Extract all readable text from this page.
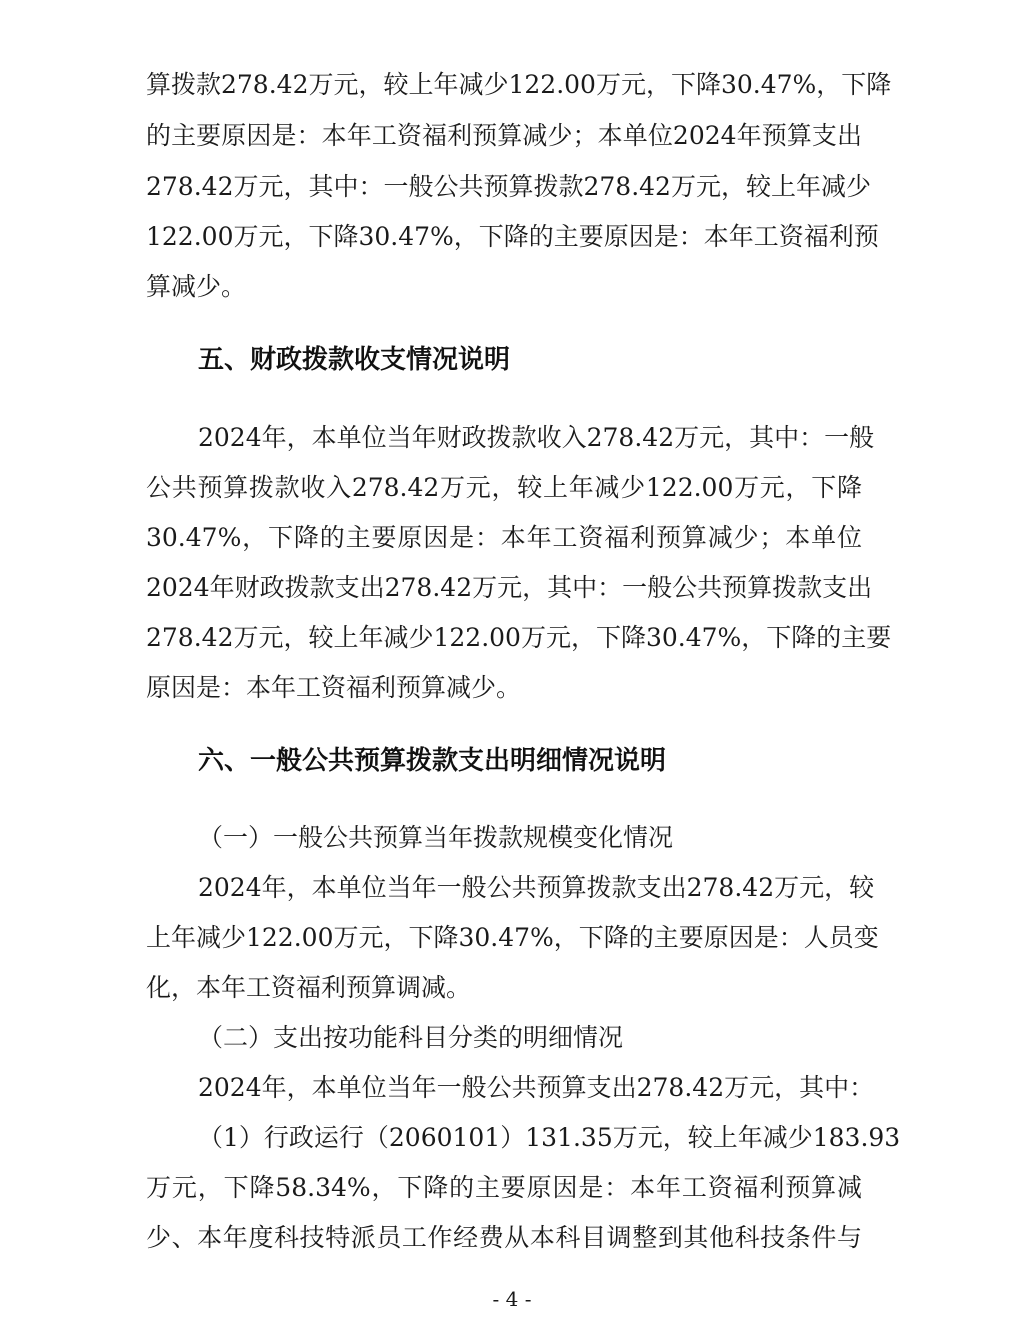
算拨款278.42万元，较上年减少122.00万元，下降30.47%，下降
的主要原因是：本年工资福利预算减少；本单位2024年预算支出
278.42万元，其中：一般公共预算拨款278.42万元，较上年减少
122.00万元，下降30.47%，下降的主要原因是：本年工资福利预
算减少。
五、财政拨款收支情况说明
2024年，本单位当年财政拨款收入278.42万元，其中：一般
公共预算拨款收入278.42万元，较上年减少122.00万元，下降
30.47%，下降的主要原因是：本年工资福利预算减少；本单位
2024年财政拨款支出278.42万元，其中：一般公共预算拨款支出
278.42万元，较上年减少122.00万元，下降30.47%，下降的主要
原因是：本年工资福利预算减少。
六、一般公共预算拨款支出明细情况说明
（一）一般公共预算当年拨款规模变化情况
2024年，本单位当年一般公共预算拨款支出278.42万元，较
上年减少122.00万元，下降30.47%，下降的主要原因是：人员变
化，本年工资福利预算调减。
（二）支出按功能科目分类的明细情况
2024年，本单位当年一般公共预算支出278.42万元，其中：
（1）行政运行（2060101）131.35万元，较上年减少183.93
万元，下降58.34%，下降的主要原因是：本年工资福利预算减
少、本年度科技特派员工作经费从本科目调整到其他科技条件与
- 4 -
